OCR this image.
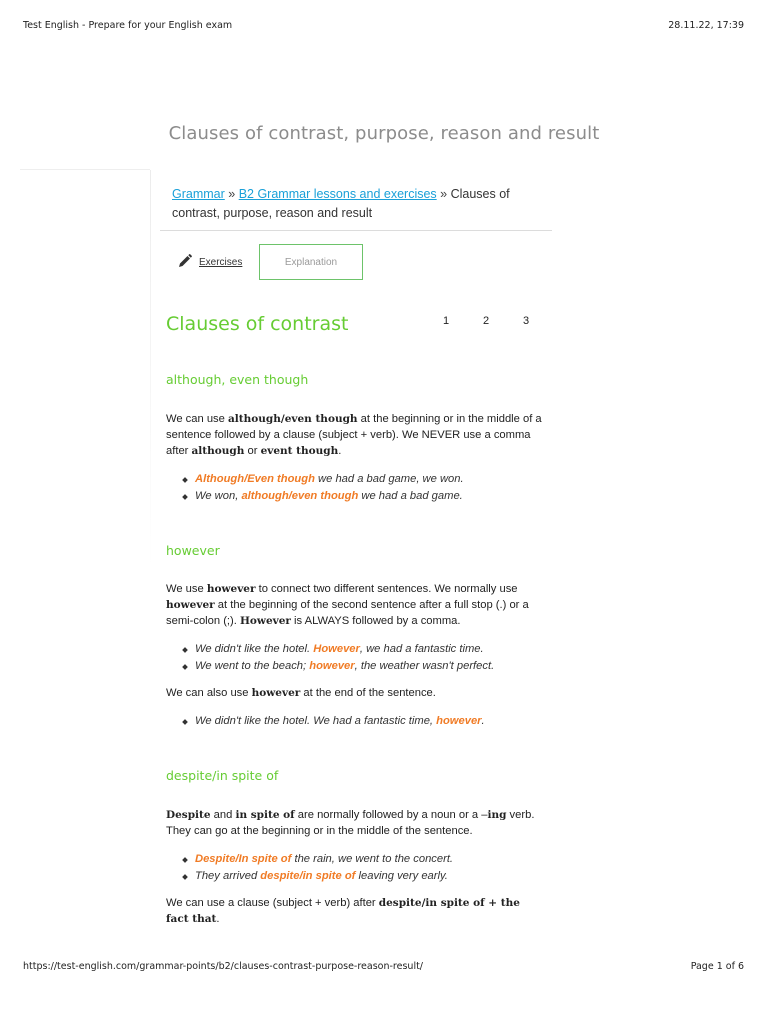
Test English - Prepare for your English exam	28.11.22, 17:39
Clauses of contrast, purpose, reason and result
Grammar » B2 Grammar lessons and exercises » Clauses of contrast, purpose, reason and result
Exercises	Explanation
Clauses of contrast	1	2	3
although, even though

We can use although/even though at the beginning or in the middle of a sentence followed by a clause (subject + verb). We NEVER use a comma after although or event though.

Although/Even though we had a bad game, we won.
We won, although/even though we had a bad game.
however

We use however to connect two different sentences. We normally use however at the beginning of the second sentence after a full stop (.) or a semi-colon (;). However is ALWAYS followed by a comma.

We didn't like the hotel. However, we had a fantastic time.
We went to the beach; however, the weather wasn't perfect.

We can also use however at the end of the sentence.

We didn't like the hotel. We had a fantastic time, however.
despite/in spite of

Despite and in spite of are normally followed by a noun or a –ing verb. They can go at the beginning or in the middle of the sentence.

Despite/In spite of the rain, we went to the concert.
They arrived despite/in spite of leaving very early.

We can use a clause (subject + verb) after despite/in spite of + the fact that.

https://test-english.com/grammar-points/b2/clauses-contrast-purpose-reason-result/	Page 1 of 6
